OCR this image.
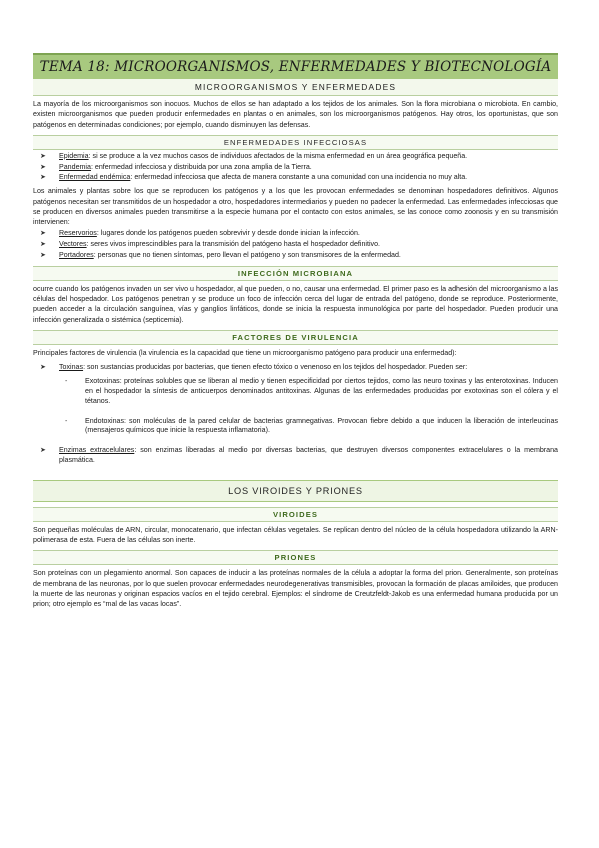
TEMA 18: MICROORGANISMOS, ENFERMEDADES Y BIOTECNOLOGÍA
MICROORGANISMOS Y ENFERMEDADES

La mayoría de los microorganismos son inocuos. Muchos de ellos se han adaptado a los tejidos de los animales. Son la flora microbiana o microbiota. En cambio, existen microorganismos que pueden producir enfermedades en plantas o en animales, son los microorganismos patógenos. Hay otros, los oportunistas, que son patógenos en determinadas condiciones; por ejemplo, cuando disminuyen las defensas.

ENFERMEDADES INFECCIOSAS
➤ Epidemia: si se produce a la vez muchos casos de individuos afectados de la misma enfermedad en un área geográfica pequeña.
➤ Pandemia: enfermedad infecciosa y distribuida por una zona amplia de la Tierra.
➤ Enfermedad endémica: enfermedad infecciosa que afecta de manera constante a una comunidad con una incidencia no muy alta.

Los animales y plantas sobre los que se reproducen los patógenos y a los que les provocan enfermedades se denominan hospedadores definitivos. Algunos patógenos necesitan ser transmitidos de un hospedador a otro, hospedadores intermediarios y pueden no padecer la enfermedad. Las enfermedades infecciosas que se producen en diversos animales pueden transmitirse a la especie humana por el contacto con estos animales, se las conoce como zoonosis y en su transmisión intervienen:

➤ Reservorios: lugares donde los patógenos pueden sobrevivir y desde donde inician la infección.
➤ Vectores: seres vivos imprescindibles para la transmisión del patógeno hasta el hospedador definitivo.
➤ Portadores: personas que no tienen síntomas, pero llevan el patógeno y son transmisores de la enfermedad.
INFECCIÓN MICROBIANA

ocurre cuando los patógenos invaden un ser vivo u hospedador, al que pueden, o no, causar una enfermedad. El primer paso es la adhesión del microorganismo a las células del hospedador. Los patógenos penetran y se produce un foco de infección cerca del lugar de entrada del patógeno, donde se reproduce. Posteriormente, pueden acceder a la circulación sanguínea, vías y ganglios linfáticos, donde se inicia la respuesta inmunológica por parte del hospedador. Pueden producir una infección generalizada o sistémica (septicemia).

FACTORES DE VIRULENCIA

Principales factores de virulencia (la virulencia es la capacidad que tiene un microorganismo patógeno para producir una enfermedad):

➤ Toxinas: son sustancias producidas por bacterias, que tienen efecto tóxico o venenoso en los tejidos del hospedador. Pueden ser:
- Exotoxinas: proteínas solubles que se liberan al medio y tienen especificidad por ciertos tejidos, como las neuro toxinas y las enterotoxinas. Inducen en el hospedador la síntesis de anticuerpos denominados antitoxinas. Algunas de las enfermedades producidas por exotoxinas son el cólera y el tétanos.
- Endotoxinas: son moléculas de la pared celular de bacterias gramnegativas. Provocan fiebre debido a que inducen la liberación de interleucinas (mensajeros químicos que inicie la respuesta inflamatoria).
➤ Enzimas extracelulares: son enzimas liberadas al medio por diversas bacterias, que destruyen diversos componentes extracelulares o la membrana plasmática.
LOS VIROIDES Y PRIONES
VIROIDES

Son pequeñas moléculas de ARN, circular, monocatenario, que infectan células vegetales. Se replican dentro del núcleo de la célula hospedadora utilizando la ARN-polimerasa de esta. Fuera de las células son inerte.

PRIONES

Son proteínas con un plegamiento anormal. Son capaces de inducir a las proteínas normales de la célula a adoptar la forma del prion. Generalmente, son proteínas de membrana de las neuronas, por lo que suelen provocar enfermedades neurodegenerativas transmisibles, provocan la formación de placas amiloides, que producen la muerte de las neuronas y originan espacios vacíos en el tejido cerebral. Ejemplos: el síndrome de Creutzfeldt-Jakob es una enfermedad humana producida por un prion; otro ejemplo es “mal de las vacas locas”.
